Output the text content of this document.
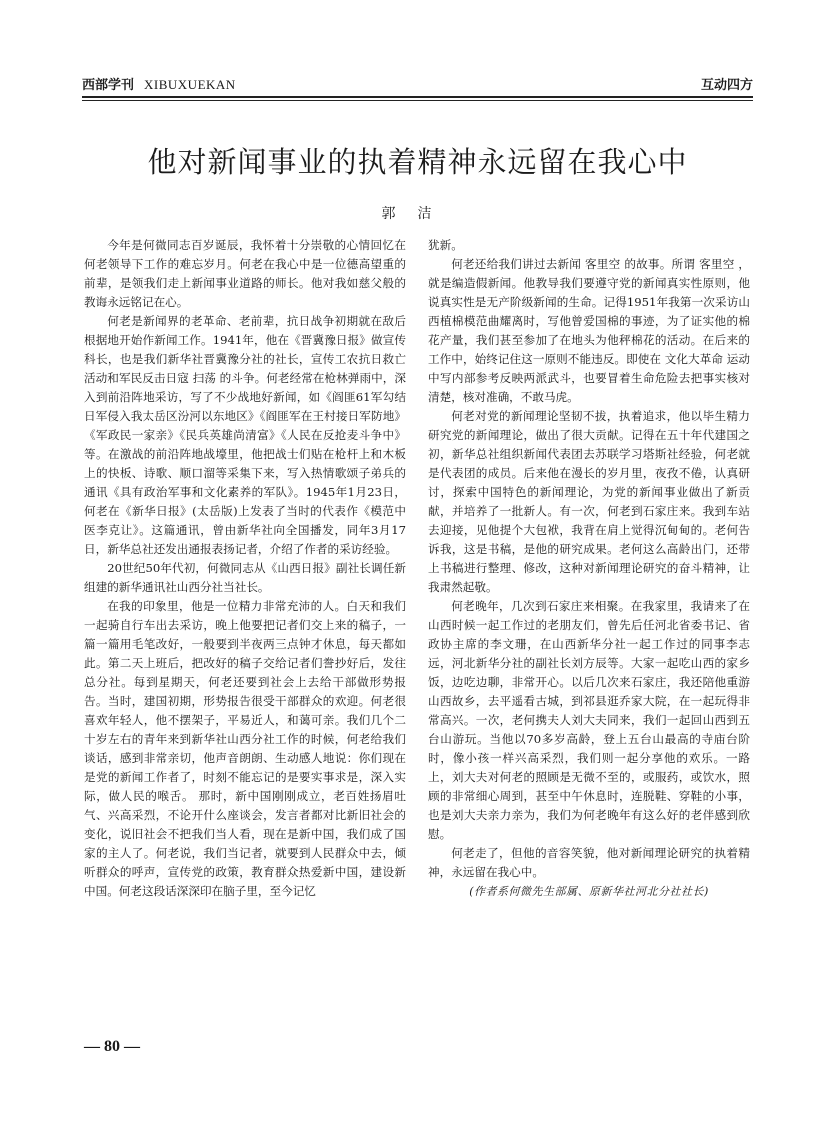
西部学刊 XIBUXUEKAN	互动四方
他对新闻事业的执着精神永远留在我心中
郭洁

今年是何微同志百岁诞辰，我怀着十分崇敬的心情回忆在何老领导下工作的难忘岁月。何老在我心中是一位德高望重的前辈，是领我们走上新闻事业道路的师长。他对我如慈父般的教诲永远铭记在心。

何老是新闻界的老革命、老前辈，抗日战争初期就在敌后根据地开始作新闻工作。1941年，他在《晋冀豫日报》做宣传科长，也是我们新华社晋冀豫分社的社长，宣传工农抗日救亡活动和军民反击日寇 扫荡 的斗争。何老经常在枪林弹雨中，深入到前沿阵地采访，写了不少战地好新闻，如《阎匪61军勾结日军侵入我太岳区汾河以东地区》《阎匪军在王村接日军防地》《军政民一家亲》《民兵英雄尚清富》《人民在反抢麦斗争中》等。在激战的前沿阵地战壕里，他把战士们贴在枪杆上和木板上的快板、诗歌、顺口溜等采集下来，写入热情歌颂子弟兵的通讯《具有政治军事和文化素养的军队》。1945年1月23日，何老在《新华日报》(太岳版)上发表了当时的代表作《模范中医李克让》。这篇通讯，曾由新华社向全国播发，同年3月17日，新华总社还发出通报表扬记者，介绍了作者的采访经验。

20世纪50年代初，何微同志从《山西日报》副社长调任新组建的新华通讯社山西分社当社长。

在我的印象里，他是一位精力非常充沛的人。白天和我们一起骑自行车出去采访，晚上他要把记者们交上来的稿子，一篇一篇用毛笔改好，一般要到半夜两三点钟才休息，每天都如此。第二天上班后，把改好的稿子交给记者们誊抄好后，发往总分社。每到星期天，何老还要到社会上去给干部做形势报告。当时，建国初期，形势报告很受干部群众的欢迎。何老很喜欢年轻人，他不摆架子，平易近人，和蔼可亲。我们几个二十岁左右的青年来到新华社山西分社工作的时候，何老给我们谈话，感到非常亲切，他声音朗朗、生动感人地说：你们现在是党的新闻工作者了，时刻不能忘记的是要实事求是，深入实际，做人民的喉舌。 那时，新中国刚刚成立，老百姓扬眉吐气、兴高采烈，不论开什么座谈会，发言者都对比新旧社会的变化，说旧社会不把我们当人看，现在是新中国，我们成了国家的主人了。何老说，我们当记者，就要到人民群众中去，倾听群众的呼声，宣传党的政策，教育群众热爱新中国，建设新中国。何老这段话深深印在脑子里，至今记忆

犹新。

何老还给我们讲过去新闻 客里空 的故事。所谓 客里空 ，就是编造假新闻。他教导我们要遵守党的新闻真实性原则，他说真实性是无产阶级新闻的生命。记得1951年我第一次采访山西植棉模范曲耀离时，写他曾爱国棉的事迹，为了证实他的棉花产量，我们甚至参加了在地头为他秤棉花的活动。在后来的工作中，始终记住这一原则不能违反。即使在 文化大革命 运动中写内部参考反映两派武斗，也要冒着生命危险去把事实核对清楚，核对准确，不敢马虎。

何老对党的新闻理论坚韧不拔，执着追求，他以毕生精力研究党的新闻理论，做出了很大贡献。记得在五十年代建国之初，新华总社组织新闻代表团去苏联学习塔斯社经验，何老就是代表团的成员。后来他在漫长的岁月里，夜孜不倦，认真研讨，探索中国特色的新闻理论，为党的新闻事业做出了新贡献，并培养了一批新人。有一次，何老到石家庄来。我到车站去迎接，见他提个大包袱，我背在肩上觉得沉甸甸的。老何告诉我，这是书稿，是他的研究成果。老何这么高龄出门，还带上书稿进行整理、修改，这种对新闻理论研究的奋斗精神，让我肃然起敬。

何老晚年，几次到石家庄来相聚。在我家里，我请来了在山西时候一起工作过的老朋友们，曾先后任河北省委书记、省政协主席的李文珊，在山西新华分社一起工作过的同事李志远，河北新华分社的副社长刘方辰等。大家一起吃山西的家乡饭，边吃边聊，非常开心。以后几次来石家庄，我还陪他重游山西故乡，去平遥看古城，到祁县逛乔家大院，在一起玩得非常高兴。一次，老何携夫人刘大夫同来，我们一起回山西到五台山游玩。当他以70多岁高龄，登上五台山最高的寺庙台阶时，像小孩一样兴高采烈，我们则一起分享他的欢乐。一路上，刘大夫对何老的照顾是无微不至的，或服药，或饮水，照顾的非常细心周到，甚至中午休息时，连脱鞋、穿鞋的小事，也是刘大夫亲力亲为，我们为何老晚年有这么好的老伴感到欣慰。

何老走了，但他的音容笑貌，他对新闻理论研究的执着精神，永远留在我心中。

(作者系何微先生部属、原新华社河北分社社长)

— 80 —
